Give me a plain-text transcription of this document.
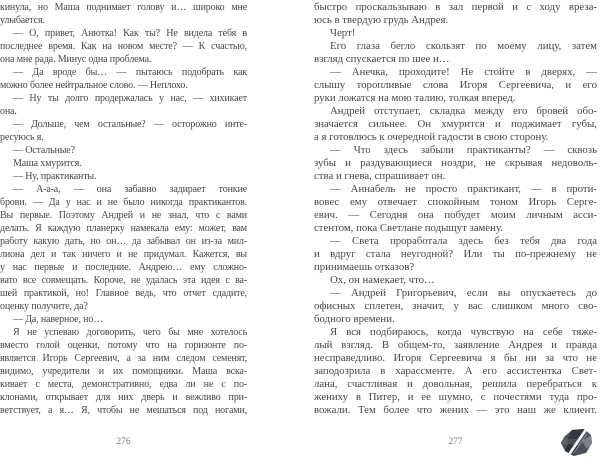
кинула, но Маша поднимает голову и… широко мне
улыбается.
— О, привет, Анютка! Как ты? Не видела тебя в
последнее время. Как на новом месте? — К счастью,
она мне рада. Минус одна проблема.
— Да вроде бы… — пытаюсь подобрать как
можно более нейтральное слово. — Неплохо.
— Ну ты долго продержалась у нас, — хихикает
она.
— Дольше, чем остальные? — осторожно инте-
ресуюсь я.
— Остальные?
Маша хмурится.
— Ну, практиканты.
— А-а-а, — она забавно задирает тонкие
брови. — Да у нас и не было никогда практикантов.
Вы первые. Поэтому Андрей и не знал, что с вами
делать. Я каждую планерку намекала ему: может, вам
работу какую дать, но он… да забывал он из-за мил-
лиона дел и так ничего и не придумал. Кажется, вы
у нас первые и последние. Андрею… ему сложно-
вато все совмещать. Короче, не удалась эта идея с ва-
шей практикой, но! Главное ведь, что отчет сдадите,
оценку получите, да?
— Да, наверное, но…
Я не успеваю договорить, чего бы мне хотелось
вместо голой оценки, потому что на горизонте по-
является Игорь Сергеевич, а за ним следом семенят,
видимо, учредители и их помощники. Маша вска-
кивает с места, демонстративно, едва ли не с по-
клонами, открывает для них дверь и вежливо при-
ветствует, а я… Я, чтобы не мешаться под ногами,
быстро проскальзываю в зал первой и с ходу вреза-
юсь в твердую грудь Андрея.
Черт!
Его глаза бегло скользят по моему лицу, затем
взгляд спускается по шее и…
— Анечка, проходите! Не стойте в дверях, —
слышу торопливые слова Игоря Сергеевича, и его
руки ложатся на мою талию, толкая вперед.
Андрей отступает, складка между его бровей обо-
значается сильнее. Он хмурится и поджимает губы,
а я готовлюсь к очередной гадости в свою сторону.
— Что здесь забыли практиканты? — сквозь
зубы и раздувающиеся ноздри, не скрывая недоволь-
ства и гнева, спрашивает он.
— Аннабель не просто практикант, — в проти-
вовес ему отвечает спокойным тоном Игорь Серге-
евич. — Сегодня она побудет моим личным асси-
стентом, пока Светлане подыщут замену.
— Света проработала здесь без тебя два года
и вдруг стала неугодной? Или ты по-прежнему не
принимаешь отказов?
Ох, он намекает, что…
— Андрей Григорьевич, если вы опускаетесь до
офисных сплетен, значит, у вас слишком много сво-
бодного времени.
Я вся подбираюсь, когда чувствую на себе тяже-
лый взгляд. В общем-то, заявление Андрея и правда
несправедливо. Игоря Сергеевича я бы ни за что не
заподозрила в харассменте. А его ассистентка Свет-
лана, счастливая и довольная, решила перебраться к
жениху в Питер, и ее шумно, с почестями туда про-
вожали. Тем более что жених — это наш же клиент.
276	277
